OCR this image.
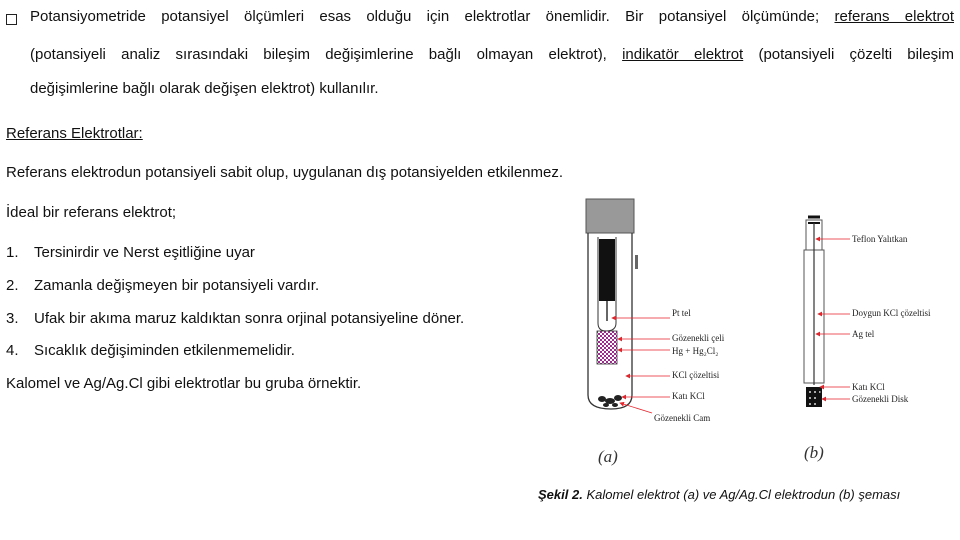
Potansiyometride potansiyel ölçümleri esas olduğu için elektrotlar önemlidir. Bir potansiyel ölçümünde; referans elektrot
(potansiyeli analiz sırasındaki bileşim değişimlerine bağlı olmayan elektrot), indikatör elektrot (potansiyeli çözelti bileşim
değişimlerine bağlı olarak değişen elektrot) kullanılır.
Referans Elektrotlar:
Referans elektrodun potansiyeli sabit olup, uygulanan dış potansiyelden etkilenmez.
İdeal bir referans elektrot;
1. Tersinirdir ve Nerst eşitliğine uyar
2. Zamanla değişmeyen bir potansiyeli vardır.
3. Ufak bir akıma maruz kaldıktan sonra orjinal potansiyeline döner.
4. Sıcaklık değişiminden etkilenmemelidir.
Kalomel ve Ag/Ag.Cl gibi elektrotlar bu gruba örnektir.
Pt tel
Gözenekli çeli
Hg + Hg₂Cl₂
KCl çözeltisi
Katı KCl
Gözenekli Cam
Teflon Yalıtkan
Doygun KCl çözeltisi
Ag tel
Katı KCl
Gözenekli Disk
(a)	(b)
Şekil 2. Kalomel elektrot (a) ve Ag/Ag.Cl elektrodun (b) şeması
